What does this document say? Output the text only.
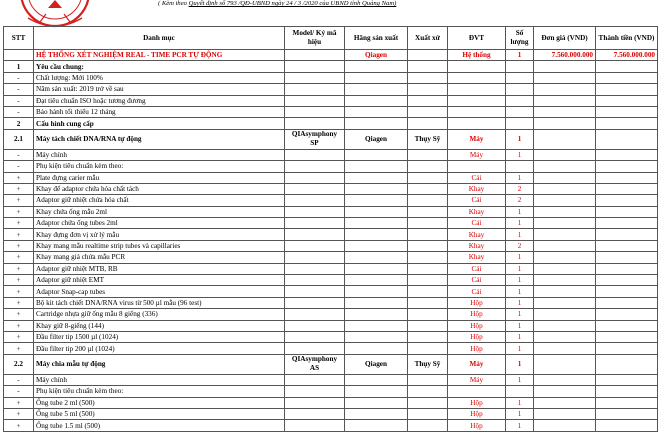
( Kèm theo Quyết định số 793 /QĐ-UBND ngày 24 / 3 /2020 của UBND tỉnh Quảng Nam)
STT	Danh mục	Model/ Ký mã hiệu	Hãng sản xuất	Xuất xứ	ĐVT	Số lượng	Đơn giá (VND)	Thành tiền (VND)
	HỆ THỐNG XÉT NGHIỆM REAL - TIME PCR TỰ ĐỘNG		Qiagen		Hệ thống	1	7.560.000.000	7.560.000.000
1	Yêu cầu chung:							
-	Chất lượng: Mới 100%							
-	Năm sản xuất: 2019 trở về sau							
-	Đạt tiêu chuẩn ISO hoặc tương đương							
-	Bảo hành tối thiểu 12 tháng							
2	Cấu hình cung cấp							
2.1	Máy tách chiết DNA/RNA tự động	QIAsymphony SP	Qiagen	Thụy Sỹ	Máy	1		
-	Máy chính				Máy	1		
-	Phụ kiện tiêu chuẩn kèm theo:							
+	Plate đựng carier mẫu				Cái	1		
+	Khay đế adaptor chứa hóa chất tách				Khay	2		
+	Adaptor giữ nhiệt chứa hóa chất				Cái	2		
+	Khay chứa ống mẫu 2ml				Khay	1		
+	Adaptor chứa ống tubes 2ml				Cái	1		
+	Khay đựng đơn vị xử lý mẫu				Khay	1		
+	Khay mang mẫu realtime strip tubes và capillaries				Khay	2		
+	Khay mang giá chứa mẫu PCR				Khay	1		
+	Adaptor giữ nhiệt MTB, RB				Cái	1		
+	Adaptor giữ nhiệt EMT				Cái	1		
+	Adaptor Snap-cap tubes				Cái	1		
+	Bộ kit tách chiết DNA/RNA virus từ 500 µl mẫu (96 test)				Hộp	1		
+	Cartridge nhựa giữ ống mẫu 8 giếng (336)				Hộp	1		
+	Khay giữ 8-giếng (144)				Hộp	1		
+	Đầu filter tip 1500 µl (1024)				Hộp	1		
+	Đầu filter tip 200 µl (1024)				Hộp	1		
2.2	Máy chia mẫu tự động	QIAsymphony AS	Qiagen	Thụy Sỹ	Máy	1		
-	Máy chính				Máy	1		
-	Phụ kiện tiêu chuẩn kèm theo:							
+	Ống tube 2 ml (500)				Hộp	1		
+	Ống tube 5 ml (500)				Hộp	1		
+	Ống tube 1.5 ml (500)				Hộp	1		
